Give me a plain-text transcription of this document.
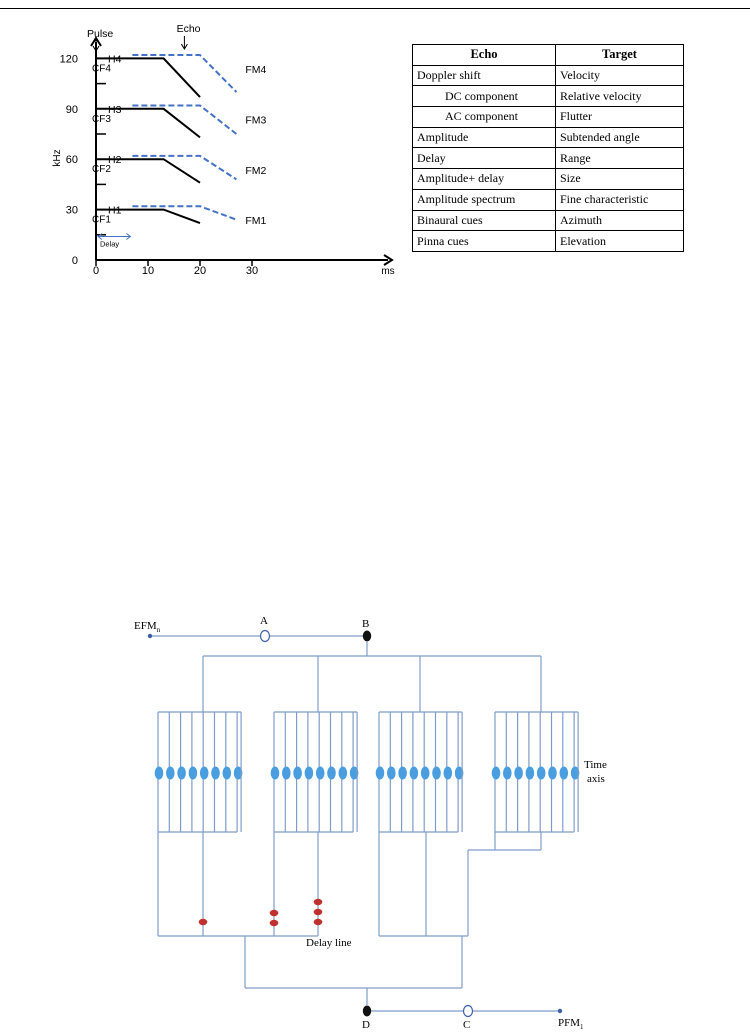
0
30
60
90
120
0	10	20	30
kHz
ms
H1
CF1	FM1
H2
CF2	FM2
H3
CF3	FM3
H4
CF4	FM4
Pulse	Echo
Delay
Echo	Target
Doppler shift	Velocity
DC component	Relative velocity
AC component	Flutter
Amplitude	Subtended angle
Delay	Range
Amplitude+ delay	Size
Amplitude spectrum	Fine characteristic
Binaural cues	Azimuth
Pinna cues	Elevation
$EFM_n$
A	B
Time
axis
Delay line
D	C	$PFM_1$
